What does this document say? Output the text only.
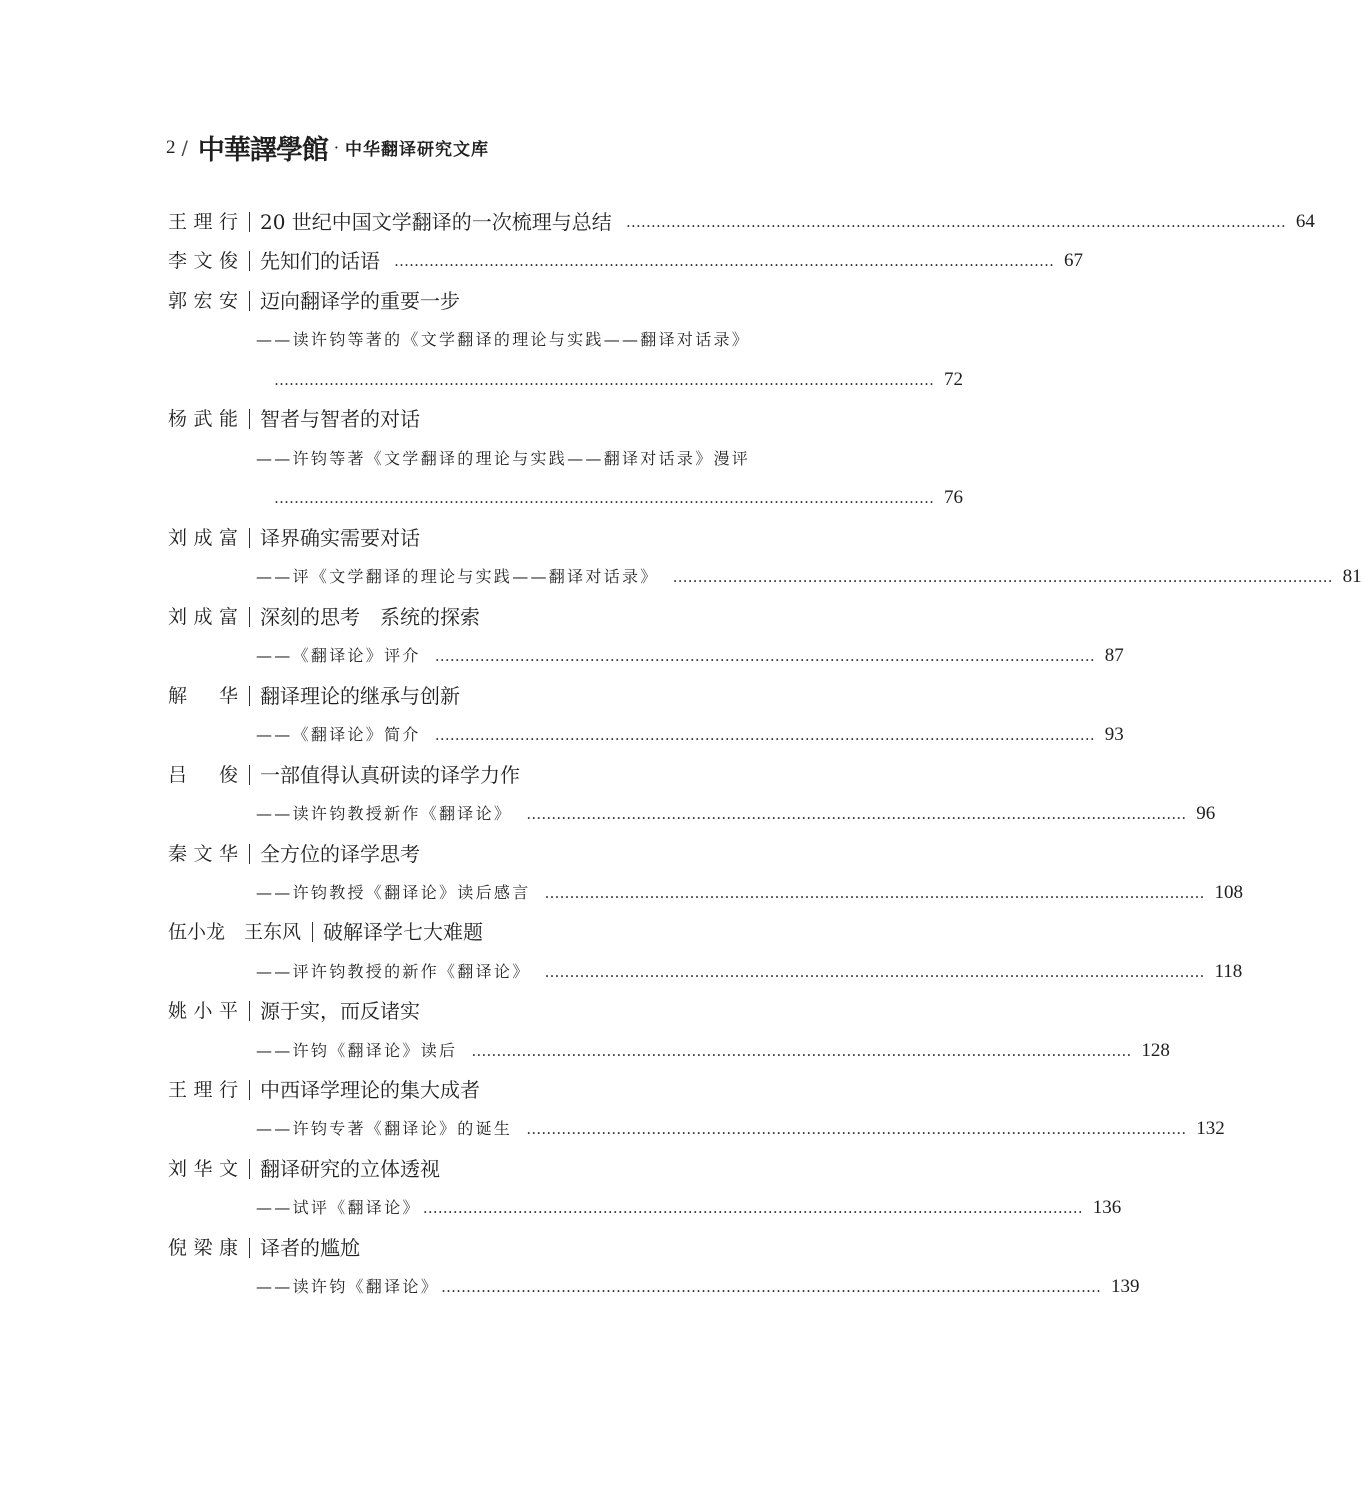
2 / 中華譯學館 · 中华翻译研究文库
王理行 20 世纪中国文学翻译的一次梳理与总结 …………………………………………………………………………………………………………………… 64
李文俊 先知们的话语 …………………………………………………………………………………………………………………… 67
郭宏安 迈向翻译学的重要一步
——读许钧等著的《文学翻译的理论与实践——翻译对话录》
…………………………………………………………………………………………………………………… 72
杨武能 智者与智者的对话
——许钧等著《文学翻译的理论与实践——翻译对话录》漫评
…………………………………………………………………………………………………………………… 76
刘成富 译界确实需要对话
——评《文学翻译的理论与实践——翻译对话录》 …………………………………………………………………………………………………………………… 81
刘成富 深刻的思考　系统的探索
——《翻译论》评介 …………………………………………………………………………………………………………………… 87
解　华 翻译理论的继承与创新
——《翻译论》简介 …………………………………………………………………………………………………………………… 93
吕　俊 一部值得认真研读的译学力作
——读许钧教授新作《翻译论》 …………………………………………………………………………………………………………………… 96
秦文华 全方位的译学思考
——许钧教授《翻译论》读后感言 …………………………………………………………………………………………………………………… 108
伍小龙　王东风 破解译学七大难题
——评许钧教授的新作《翻译论》 …………………………………………………………………………………………………………………… 118
姚小平 源于实，而反诸实
——许钧《翻译论》读后 …………………………………………………………………………………………………………………… 128
王理行 中西译学理论的集大成者
——许钧专著《翻译论》的诞生 …………………………………………………………………………………………………………………… 132
刘华文 翻译研究的立体透视
——试评《翻译论》 …………………………………………………………………………………………………………………… 136
倪梁康 译者的尴尬
——读许钧《翻译论》 …………………………………………………………………………………………………………………… 139
